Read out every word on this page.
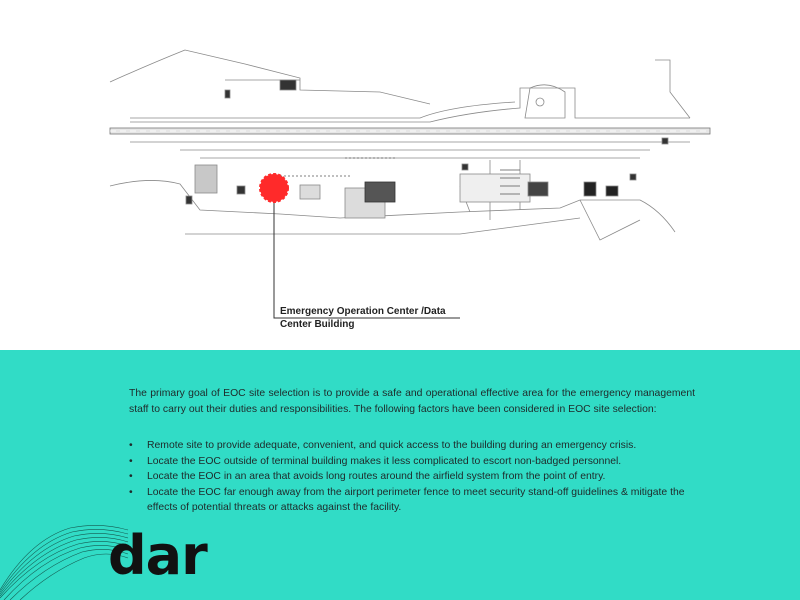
Emergency Operation Center /Data
Center Building

The primary goal of EOC site selection is to provide a safe and operational effective area for the emergency management staff to carry out their duties and responsibilities. The following factors have been considered in EOC site selection:

• Remote site to provide adequate, convenient, and quick access to the building during an emergency crisis.
• Locate the EOC outside of terminal building makes it less complicated to escort non-badged personnel.
• Locate the EOC in an area that avoids long routes around the airfield system from the point of entry.
• Locate the EOC far enough away from the airport perimeter fence to meet security stand-off guidelines & mitigate the effects of potential threats or attacks against the facility.
dar
